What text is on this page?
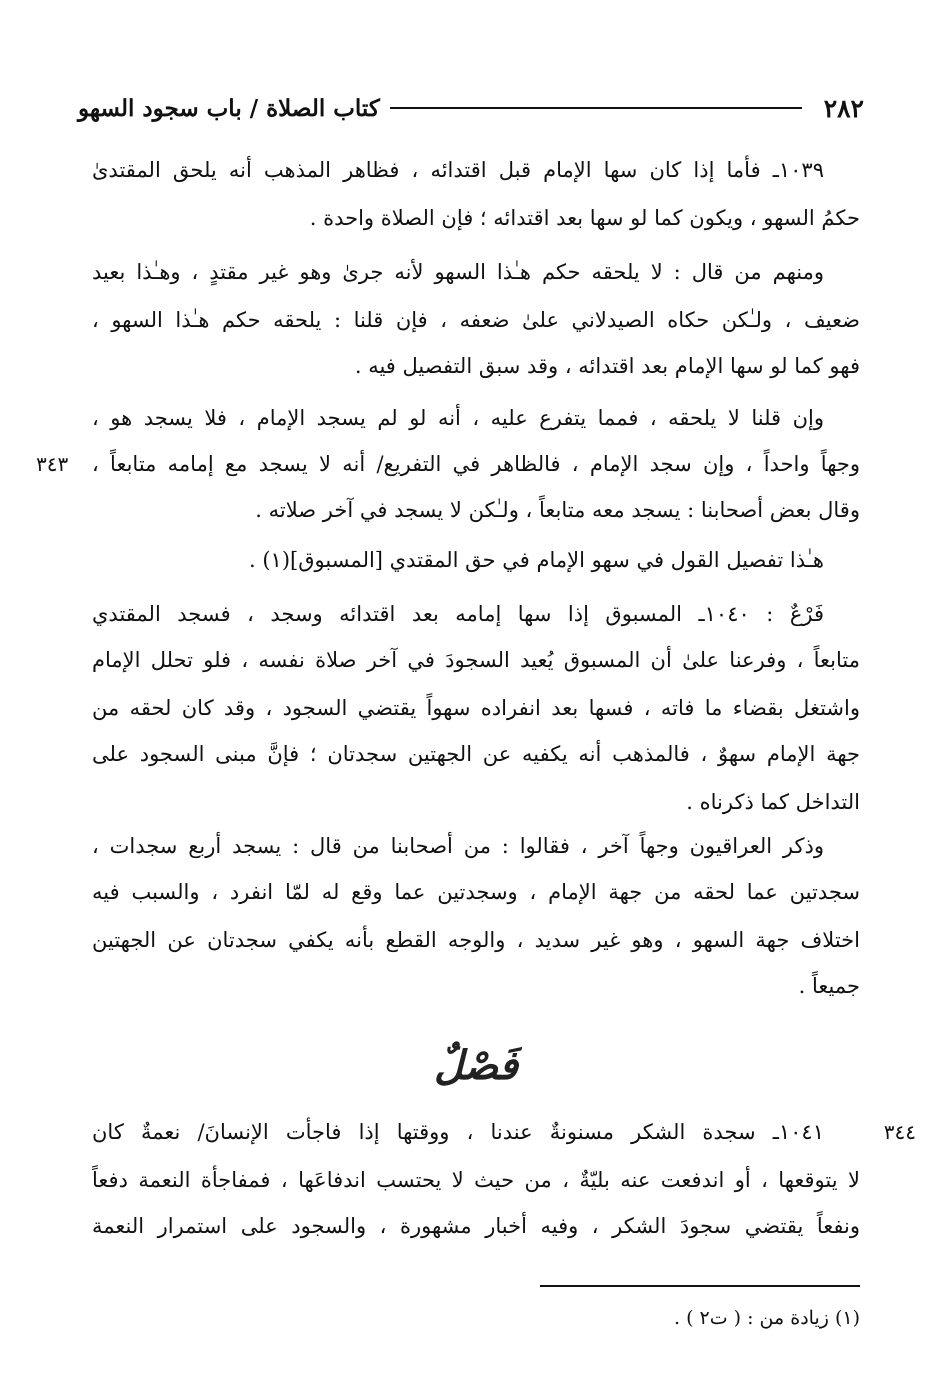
٢٨٢
كتاب الصلاة / باب سجود السهو
١٠٣٩ـ فأما إذا كان سها الإمام قبل اقتدائه ، فظاهر المذهب أنه يلحق المقتدىٰ
حكمُ السهو ، ويكون كما لو سها بعد اقتدائه ؛ فإن الصلاة واحدة .
ومنهم من قال : لا يلحقه حكم هـٰذا السهو لأنه جرىٰ وهو غير مقتدٍ ، وهـٰذا بعيد
ضعيف ، ولـٰكن حكاه الصيدلاني علىٰ ضعفه ، فإن قلنا : يلحقه حكم هـٰذا السهو ،
فهو كما لو سها الإمام بعد اقتدائه ، وقد سبق التفصيل فيه .
وإن قلنا لا يلحقه ، فمما يتفرع عليه ، أنه لو لم يسجد الإمام ، فلا يسجد هو ،
وجهاً واحداً ، وإن سجد الإمام ، فالظاهر في التفريع/ أنه لا يسجد مع إمامه متابعاً ،
٣٤٣
وقال بعض أصحابنا : يسجد معه متابعاً ، ولـٰكن لا يسجد في آخر صلاته .
هـٰذا تفصيل القول في سهو الإمام في حق المقتدي [المسبوق](١) .
فَرْعٌ : ١٠٤٠ـ المسبوق إذا سها إمامه بعد اقتدائه وسجد ، فسجد المقتدي
متابعاً ، وفرعنا علىٰ أن المسبوق يُعيد السجودَ في آخر صلاة نفسه ، فلو تحلل الإمام
واشتغل بقضاء ما فاته ، فسها بعد انفراده سهواً يقتضي السجود ، وقد كان لحقه من
جهة الإمام سهوٌ ، فالمذهب أنه يكفيه عن الجهتين سجدتان ؛ فإنَّ مبنى السجود على
التداخل كما ذكرناه .
وذكر العراقيون وجهاً آخر ، فقالوا : من أصحابنا من قال : يسجد أربع سجدات ،
سجدتين عما لحقه من جهة الإمام ، وسجدتين عما وقع له لمّا انفرد ، والسبب فيه
اختلاف جهة السهو ، وهو غير سديد ، والوجه القطع بأنه يكفي سجدتان عن الجهتين
جميعاً .
فَصْلٌ
١٠٤١ـ سجدة الشكر مسنونةٌ عندنا ، ووقتها إذا فاجأت الإنسانَ/ نعمةٌ كان	٣٤٤
لا يتوقعها ، أو اندفعت عنه بليّةٌ ، من حيث لا يحتسب اندفاعَها ، فمفاجأة النعمة دفعاً
ونفعاً يقتضي سجودَ الشكر ، وفيه أخبار مشهورة ، والسجود على استمرار النعمة
(١) زيادة من : ( ت٢ ) .
